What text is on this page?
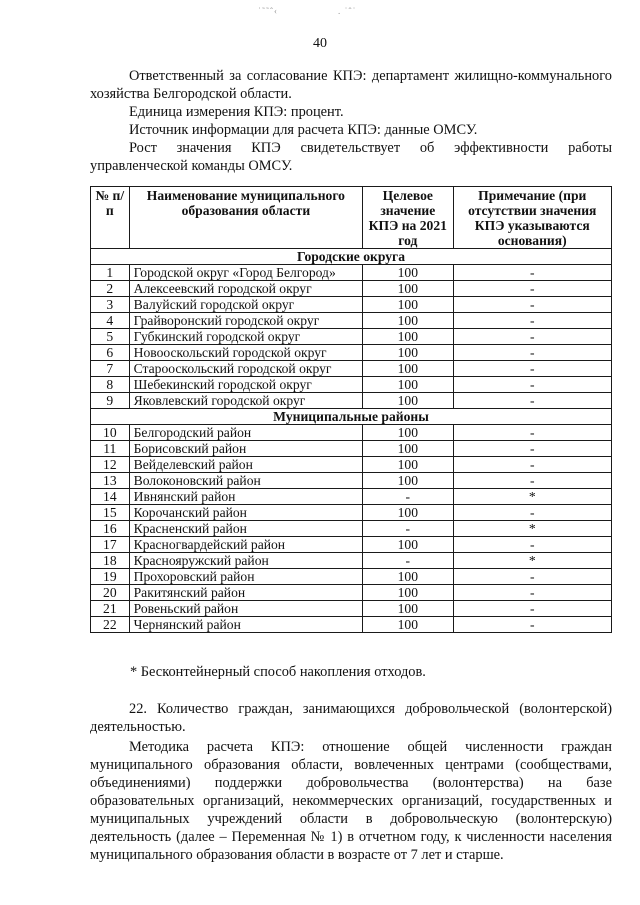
˙˜˜ˆ‹	. ˙ˆ˙
40

Ответственный за согласование КПЭ: департамент жилищно-коммунального хозяйства Белгородской области.

Единица измерения КПЭ: процент.

Источник информации для расчета КПЭ: данные ОМСУ.

Рост значения КПЭ свидетельствует об эффективности работы управленческой команды ОМСУ.

№ п/п	Наименование муниципального образования области	Целевое значение КПЭ на 2021 год	Примечание (при отсутствии значения КПЭ указываются основания)
Городские округа			
1	Городской округ «Город Белгород»	100	-
2	Алексеевский городской округ	100	-
3	Валуйский городской округ	100	-
4	Грайворонский городской округ	100	-
5	Губкинский городской округ	100	-
6	Новооскольский городской округ	100	-
7	Старооскольский городской округ	100	-
8	Шебекинский городской округ	100	-
9	Яковлевский городской округ	100	-
Муниципальные районы			
10	Белгородский район	100	-
11	Борисовский район	100	-
12	Вейделевский район	100	-
13	Волоконовский район	100	-
14	Ивнянский район	-	*
15	Корочанский район	100	-
16	Красненский район	-	*
17	Красногвардейский район	100	-
18	Краснояружский район	-	*
19	Прохоровский район	100	-
20	Ракитянский район	100	-
21	Ровеньский район	100	-
22	Чернянский район	100	-
* Бесконтейнерный способ накопления отходов.

22. Количество граждан, занимающихся добровольческой (волонтерской) деятельностью.

Методика расчета КПЭ: отношение общей численности граждан муниципального образования области, вовлеченных центрами (сообществами, объединениями) поддержки добровольчества (волонтерства) на базе образовательных организаций, некоммерческих организаций, государственных и муниципальных учреждений области в добровольческую (волонтерскую) деятельность (далее – Переменная № 1) в отчетном году, к численности населения муниципального образования области в возрасте от 7 лет и старше.
